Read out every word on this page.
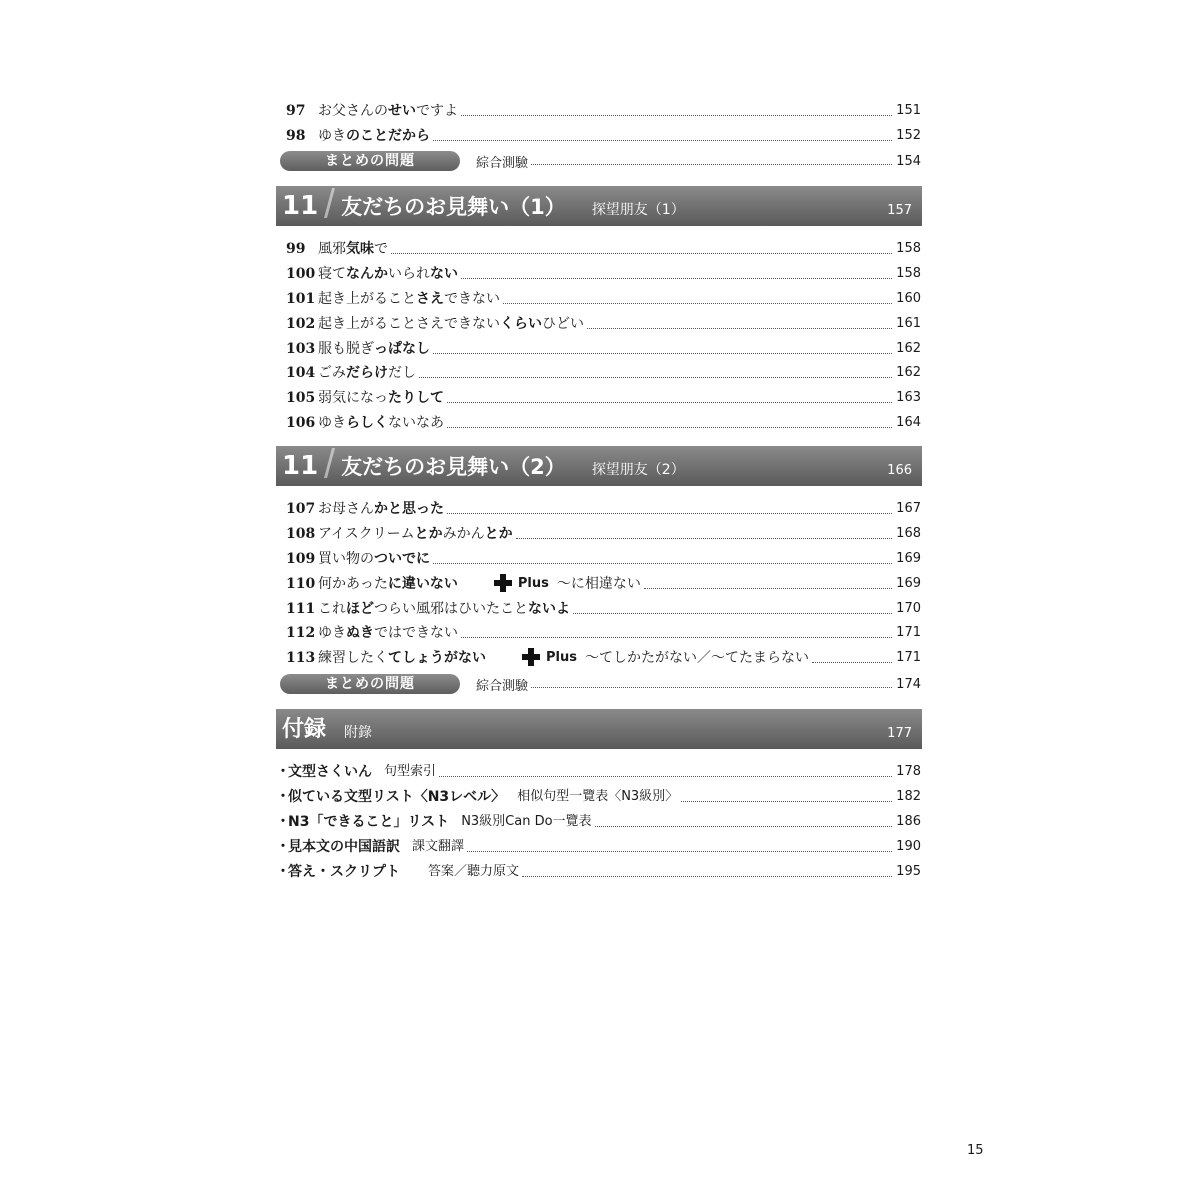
97 お父さんのせいですよ	151
98 ゆきのことだから	152
まとめの問題	綜合測驗	154
11 友だちのお見舞い（1） 探望朋友（1）	157
99 風邪気味で	158
100 寝てなんかいられない	158
101 起き上がることさえできない	160
102 起き上がることさえできないくらいひどい	161
103 服も脱ぎっぱなし	162
104 ごみだらけだし	162
105 弱気になったりして	163
106 ゆきらしくないなあ	164
11 友だちのお見舞い（2） 探望朋友（2）	166
107 お母さんかと思った	167
108 アイスクリームとかみかんとか	168
109 買い物のついでに	169
110 何かあったに違いない	Plus ～に相違ない	169
111 これほどつらい風邪はひいたことないよ	170
112 ゆきぬきではできない	171
113 練習したくてしょうがない	Plus ～てしかたがない／～てたまらない	171
まとめの問題	綜合測驗	174
付録 附錄	177
・
文型さくいん 句型索引	178
・
似ている文型リスト〈N3レベル〉 相似句型一覽表〈N3級別〉	182
・
N3「できること」リスト N3級別Can Do一覽表	186
・
見本文の中国語訳 課文翻譯	190
・
答え・スクリプト 答案／聽力原文	195
15
